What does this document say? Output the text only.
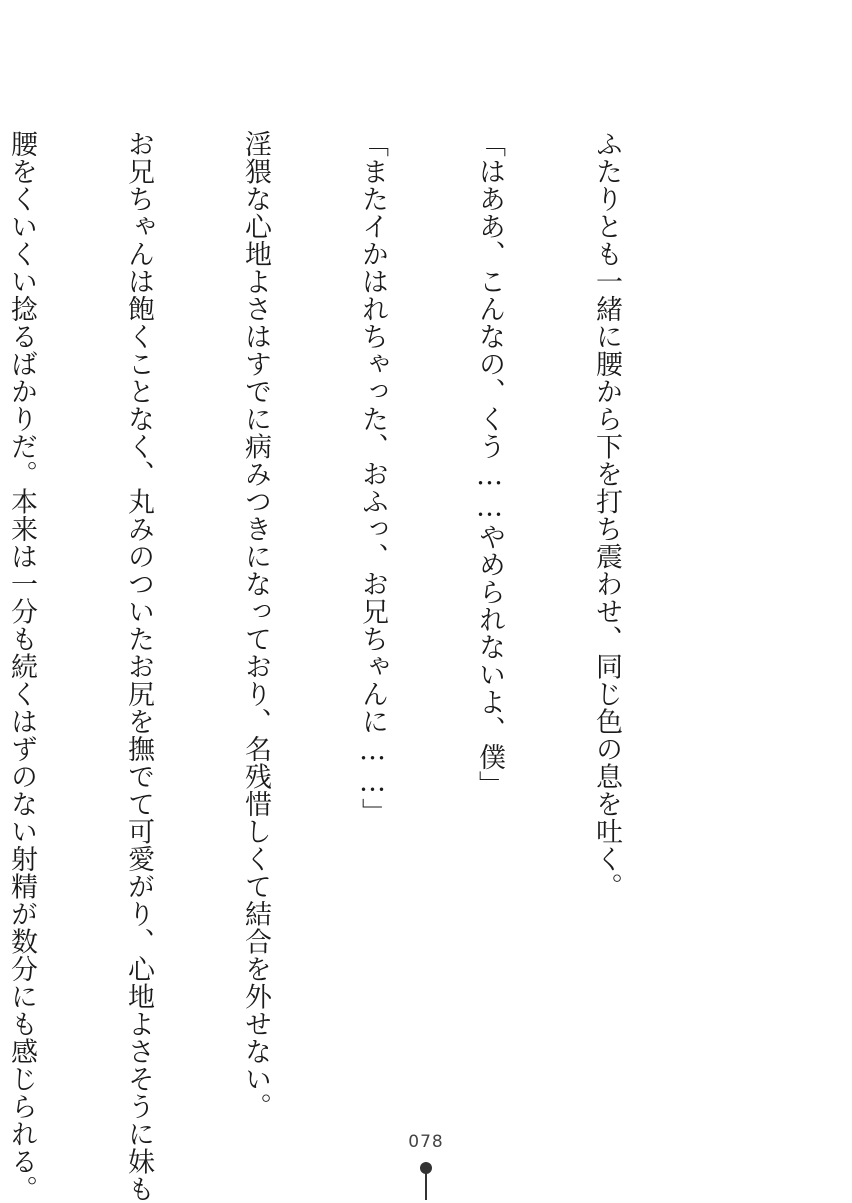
ふたりとも一緒に腰から下を打ち震わせ、同じ色の息を吐く。

「はああ、こんなの、くう……やめられないよ、僕」

「またイかはれちゃった、おふっ、お兄ちゃんに……」

淫猥な心地よさはすでに病みつきになっており、名残惜しくて結合を外せない。

お兄ちゃんは飽くことなく、丸みのついたお尻を撫でて可愛がり、心地よさそうに妹も

腰をくいくい捻るばかりだ。本来は一分も続くはずのない射精が数分にも感じられる。

	078
